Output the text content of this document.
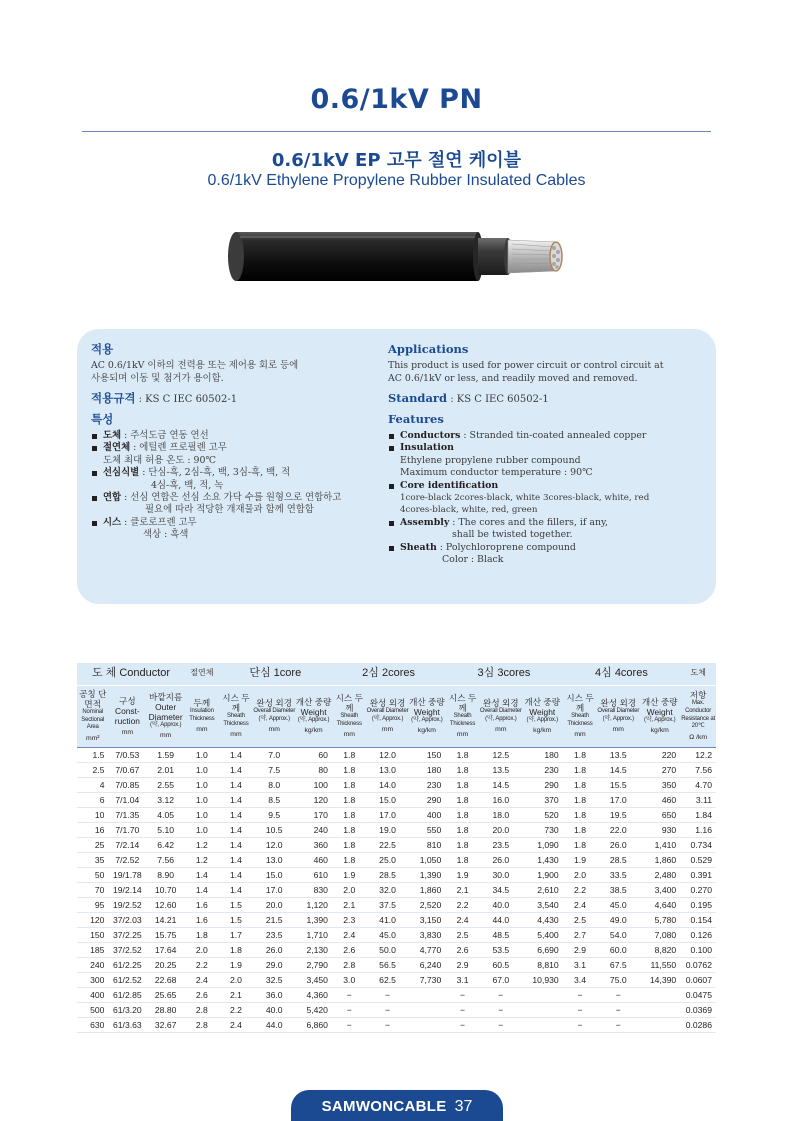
0.6/1kV PN
0.6/1kV EP 고무 절연 케이블
0.6/1kV Ethylene Propylene Rubber Insulated Cables
적용

AC 0.6/1kV 이하의 전력용 또는 제어용 회로 등에

사용되며 이동 및 첨거가 용이함.

적용규격 : KS C IEC 60502-1
특성
도체 : 주석도금 연동 연선
절연체 : 에틸렌 프로필렌 고무

도체 최대 허용 온도 : 90℃

선심식별 : 단심-흑, 2심-흑, 백, 3심-흑, 백, 적

4심-흑, 백, 적, 녹

연합 : 선심 연합은 선심 소요 가닥 수를 원형으로 연합하고

필요에 따라 적당한 개재물과 함께 연합함

시스 : 클로로프렌 고무

색상 : 흑색

Applications

This product is used for power circuit or control circuit at

AC 0.6/1kV or less, and readily moved and removed.

Standard : KS C IEC 60502-1
Features
Conductors : Stranded tin-coated annealed copper
Insulation

Ethylene propylene rubber compound

Maximum conductor temperature : 90℃

Core identification

1core-black 2cores-black, white 3cores-black, white, red

4cores-black, white, red, green

Assembly : The cores and the fillers, if any,

shall be twisted together.

Sheath : Polychloroprene compound

Color : Black

도 체 Conductor			절연체	단심 1core			2심 2cores			3심 3cores			4심 4cores			도체

공칭 단면적
Nominal
Sectional Area
mm²	구성
Const-ruction
mm	바깥지름
Outer Diameter
(약, Approx.)
mm	두께
Insulation Thickness
mm	시스 두께
Sheath Thickness
mm	완성 외경
Overall Diameter
(약, Approx.)
mm	개산 중량
Weight
(약, Approx.)
kg/km	시스 두께
Sheath Thickness
mm	완성 외경
Overall Diameter
(약, Approx.)
mm	개산 중량
Weight
(약, Approx.)
kg/km	시스 두께
Sheath Thickness
mm	완성 외경
Overall Diameter
(약, Approx.)
mm	개산 중량
Weight
(약, Approx.)
kg/km	시스 두께
Sheath Thickness
mm	완성 외경
Overall Diameter
(약, Approx.)
mm	개산 중량
Weight
(약, Approx.)
kg/km	저항
Max. Conductor
Resistance at 20℃
Ω /km

1.5	7/0.53	1.59	1.0	1.4	7.0	60	1.8	12.0	150	1.8	12.5	180	1.8	13.5	220	12.2
2.5	7/0.67	2.01	1.0	1.4	7.5	80	1.8	13.0	180	1.8	13.5	230	1.8	14.5	270	7.56
4	7/0.85	2.55	1.0	1.4	8.0	100	1.8	14.0	230	1.8	14.5	290	1.8	15.5	350	4.70
6	7/1.04	3.12	1.0	1.4	8.5	120	1.8	15.0	290	1.8	16.0	370	1.8	17.0	460	3.11
10	7/1.35	4.05	1.0	1.4	9.5	170	1.8	17.0	400	1.8	18.0	520	1.8	19.5	650	1.84
16	7/1.70	5.10	1.0	1.4	10.5	240	1.8	19.0	550	1.8	20.0	730	1.8	22.0	930	1.16
25	7/2.14	6.42	1.2	1.4	12.0	360	1.8	22.5	810	1.8	23.5	1,090	1.8	26.0	1,410	0.734
35	7/2.52	7.56	1.2	1.4	13.0	460	1.8	25.0	1,050	1.8	26.0	1,430	1.9	28.5	1,860	0.529
50	19/1.78	8.90	1.4	1.4	15.0	610	1.9	28.5	1,390	1.9	30.0	1,900	2.0	33.5	2,480	0.391
70	19/2.14	10.70	1.4	1.4	17.0	830	2.0	32.0	1,860	2.1	34.5	2,610	2.2	38.5	3,400	0.270
95	19/2.52	12.60	1.6	1.5	20.0	1,120	2.1	37.5	2,520	2.2	40.0	3,540	2.4	45.0	4,640	0.195
120	37/2.03	14.21	1.6	1.5	21.5	1,390	2.3	41.0	3,150	2.4	44.0	4,430	2.5	49.0	5,780	0.154
150	37/2.25	15.75	1.8	1.7	23.5	1,710	2.4	45.0	3,830	2.5	48.5	5,400	2.7	54.0	7,080	0.126
185	37/2.52	17.64	2.0	1.8	26.0	2,130	2.6	50.0	4,770	2.6	53.5	6,690	2.9	60.0	8,820	0.100
240	61/2.25	20.25	2.2	1.9	29.0	2,790	2.8	56.5	6,240	2.9	60.5	8,810	3.1	67.5	11,550	0.0762
300	61/2.52	22.68	2.4	2.0	32.5	3,450	3.0	62.5	7,730	3.1	67.0	10,930	3.4	75.0	14,390	0.0607
400	61/2.85	25.65	2.6	2.1	36.0	4,360	−	−		−	−		−	−		0.0475
500	61/3.20	28.80	2.8	2.2	40.0	5,420	−	−		−	−		−	−		0.0369
630	61/3.63	32.67	2.8	2.4	44.0	6,860	−	−		−	−		−	−		0.0286
SAMWONCABLE 37
